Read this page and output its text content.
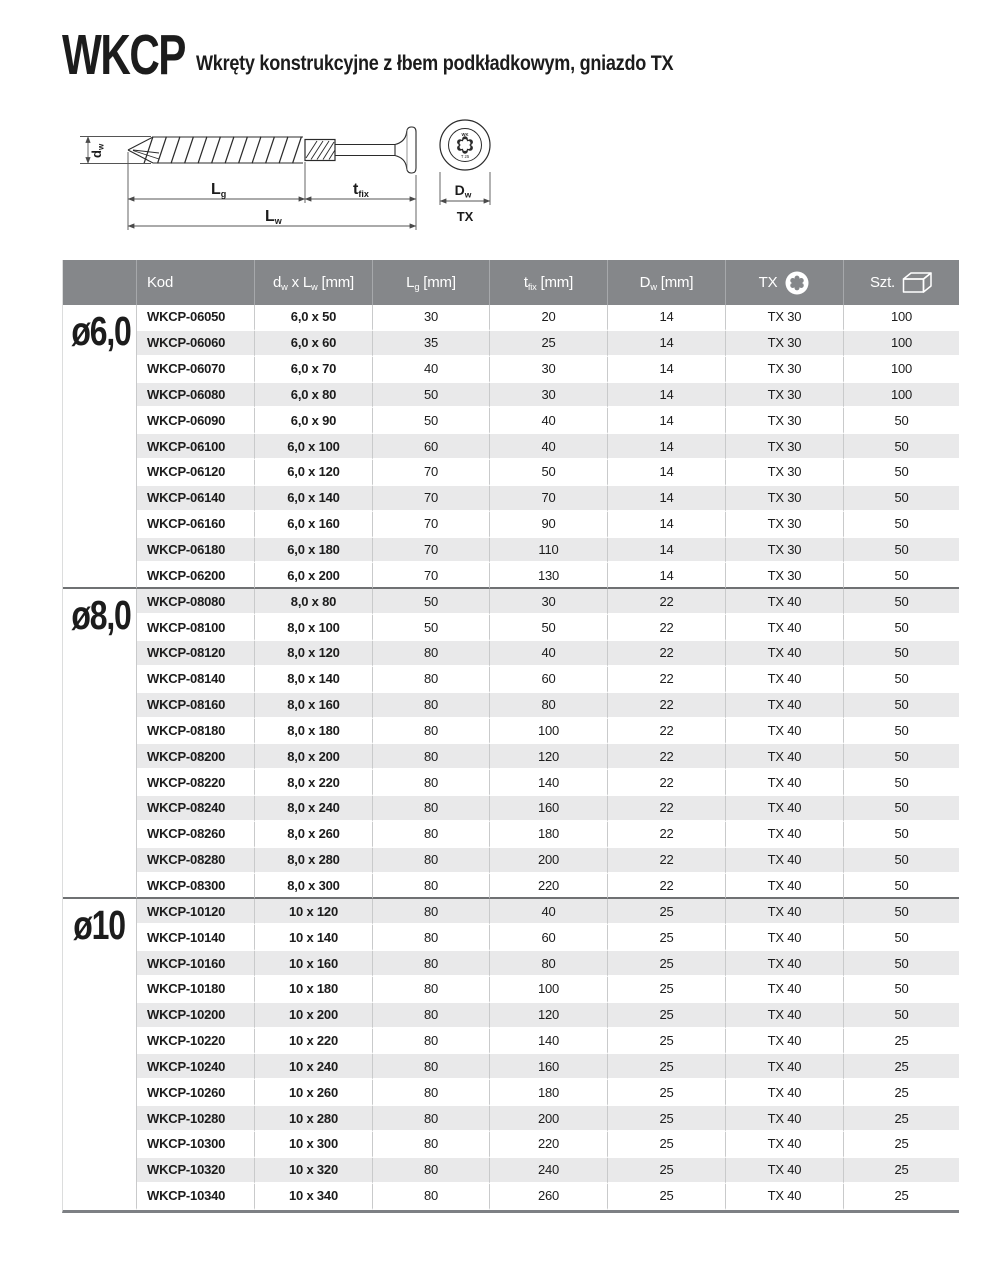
WKCP Wkręty konstrukcyjne z łbem podkładkowym, gniazdo TX
dw
Lg	tfix
Lw
WK
T 25
Dw
TX
	Kod	$d_w$ x $L_w$ [mm]	$L_g$ [mm]	$t_{fix}$ [mm]	$D_w$ [mm]	TX	Szt.

ø6,0	WKCP-06050	6,0 x 50	30	20	14	TX 30	100
	WKCP-06060	6,0 x 60	35	25	14	TX 30	100
	WKCP-06070	6,0 x 70	40	30	14	TX 30	100
	WKCP-06080	6,0 x 80	50	30	14	TX 30	100
	WKCP-06090	6,0 x 90	50	40	14	TX 30	50
	WKCP-06100	6,0 x 100	60	40	14	TX 30	50
	WKCP-06120	6,0 x 120	70	50	14	TX 30	50
	WKCP-06140	6,0 x 140	70	70	14	TX 30	50
	WKCP-06160	6,0 x 160	70	90	14	TX 30	50
	WKCP-06180	6,0 x 180	70	110	14	TX 30	50
	WKCP-06200	6,0 x 200	70	130	14	TX 30	50
ø8,0	WKCP-08080	8,0 x 80	50	30	22	TX 40	50
	WKCP-08100	8,0 x 100	50	50	22	TX 40	50
	WKCP-08120	8,0 x 120	80	40	22	TX 40	50
	WKCP-08140	8,0 x 140	80	60	22	TX 40	50
	WKCP-08160	8,0 x 160	80	80	22	TX 40	50
	WKCP-08180	8,0 x 180	80	100	22	TX 40	50
	WKCP-08200	8,0 x 200	80	120	22	TX 40	50
	WKCP-08220	8,0 x 220	80	140	22	TX 40	50
	WKCP-08240	8,0 x 240	80	160	22	TX 40	50
	WKCP-08260	8,0 x 260	80	180	22	TX 40	50
	WKCP-08280	8,0 x 280	80	200	22	TX 40	50
	WKCP-08300	8,0 x 300	80	220	22	TX 40	50
ø10	WKCP-10120	10 x 120	80	40	25	TX 40	50
	WKCP-10140	10 x 140	80	60	25	TX 40	50
	WKCP-10160	10 x 160	80	80	25	TX 40	50
	WKCP-10180	10 x 180	80	100	25	TX 40	50
	WKCP-10200	10 x 200	80	120	25	TX 40	50
	WKCP-10220	10 x 220	80	140	25	TX 40	25
	WKCP-10240	10 x 240	80	160	25	TX 40	25
	WKCP-10260	10 x 260	80	180	25	TX 40	25
	WKCP-10280	10 x 280	80	200	25	TX 40	25
	WKCP-10300	10 x 300	80	220	25	TX 40	25
	WKCP-10320	10 x 320	80	240	25	TX 40	25
	WKCP-10340	10 x 340	80	260	25	TX 40	25
